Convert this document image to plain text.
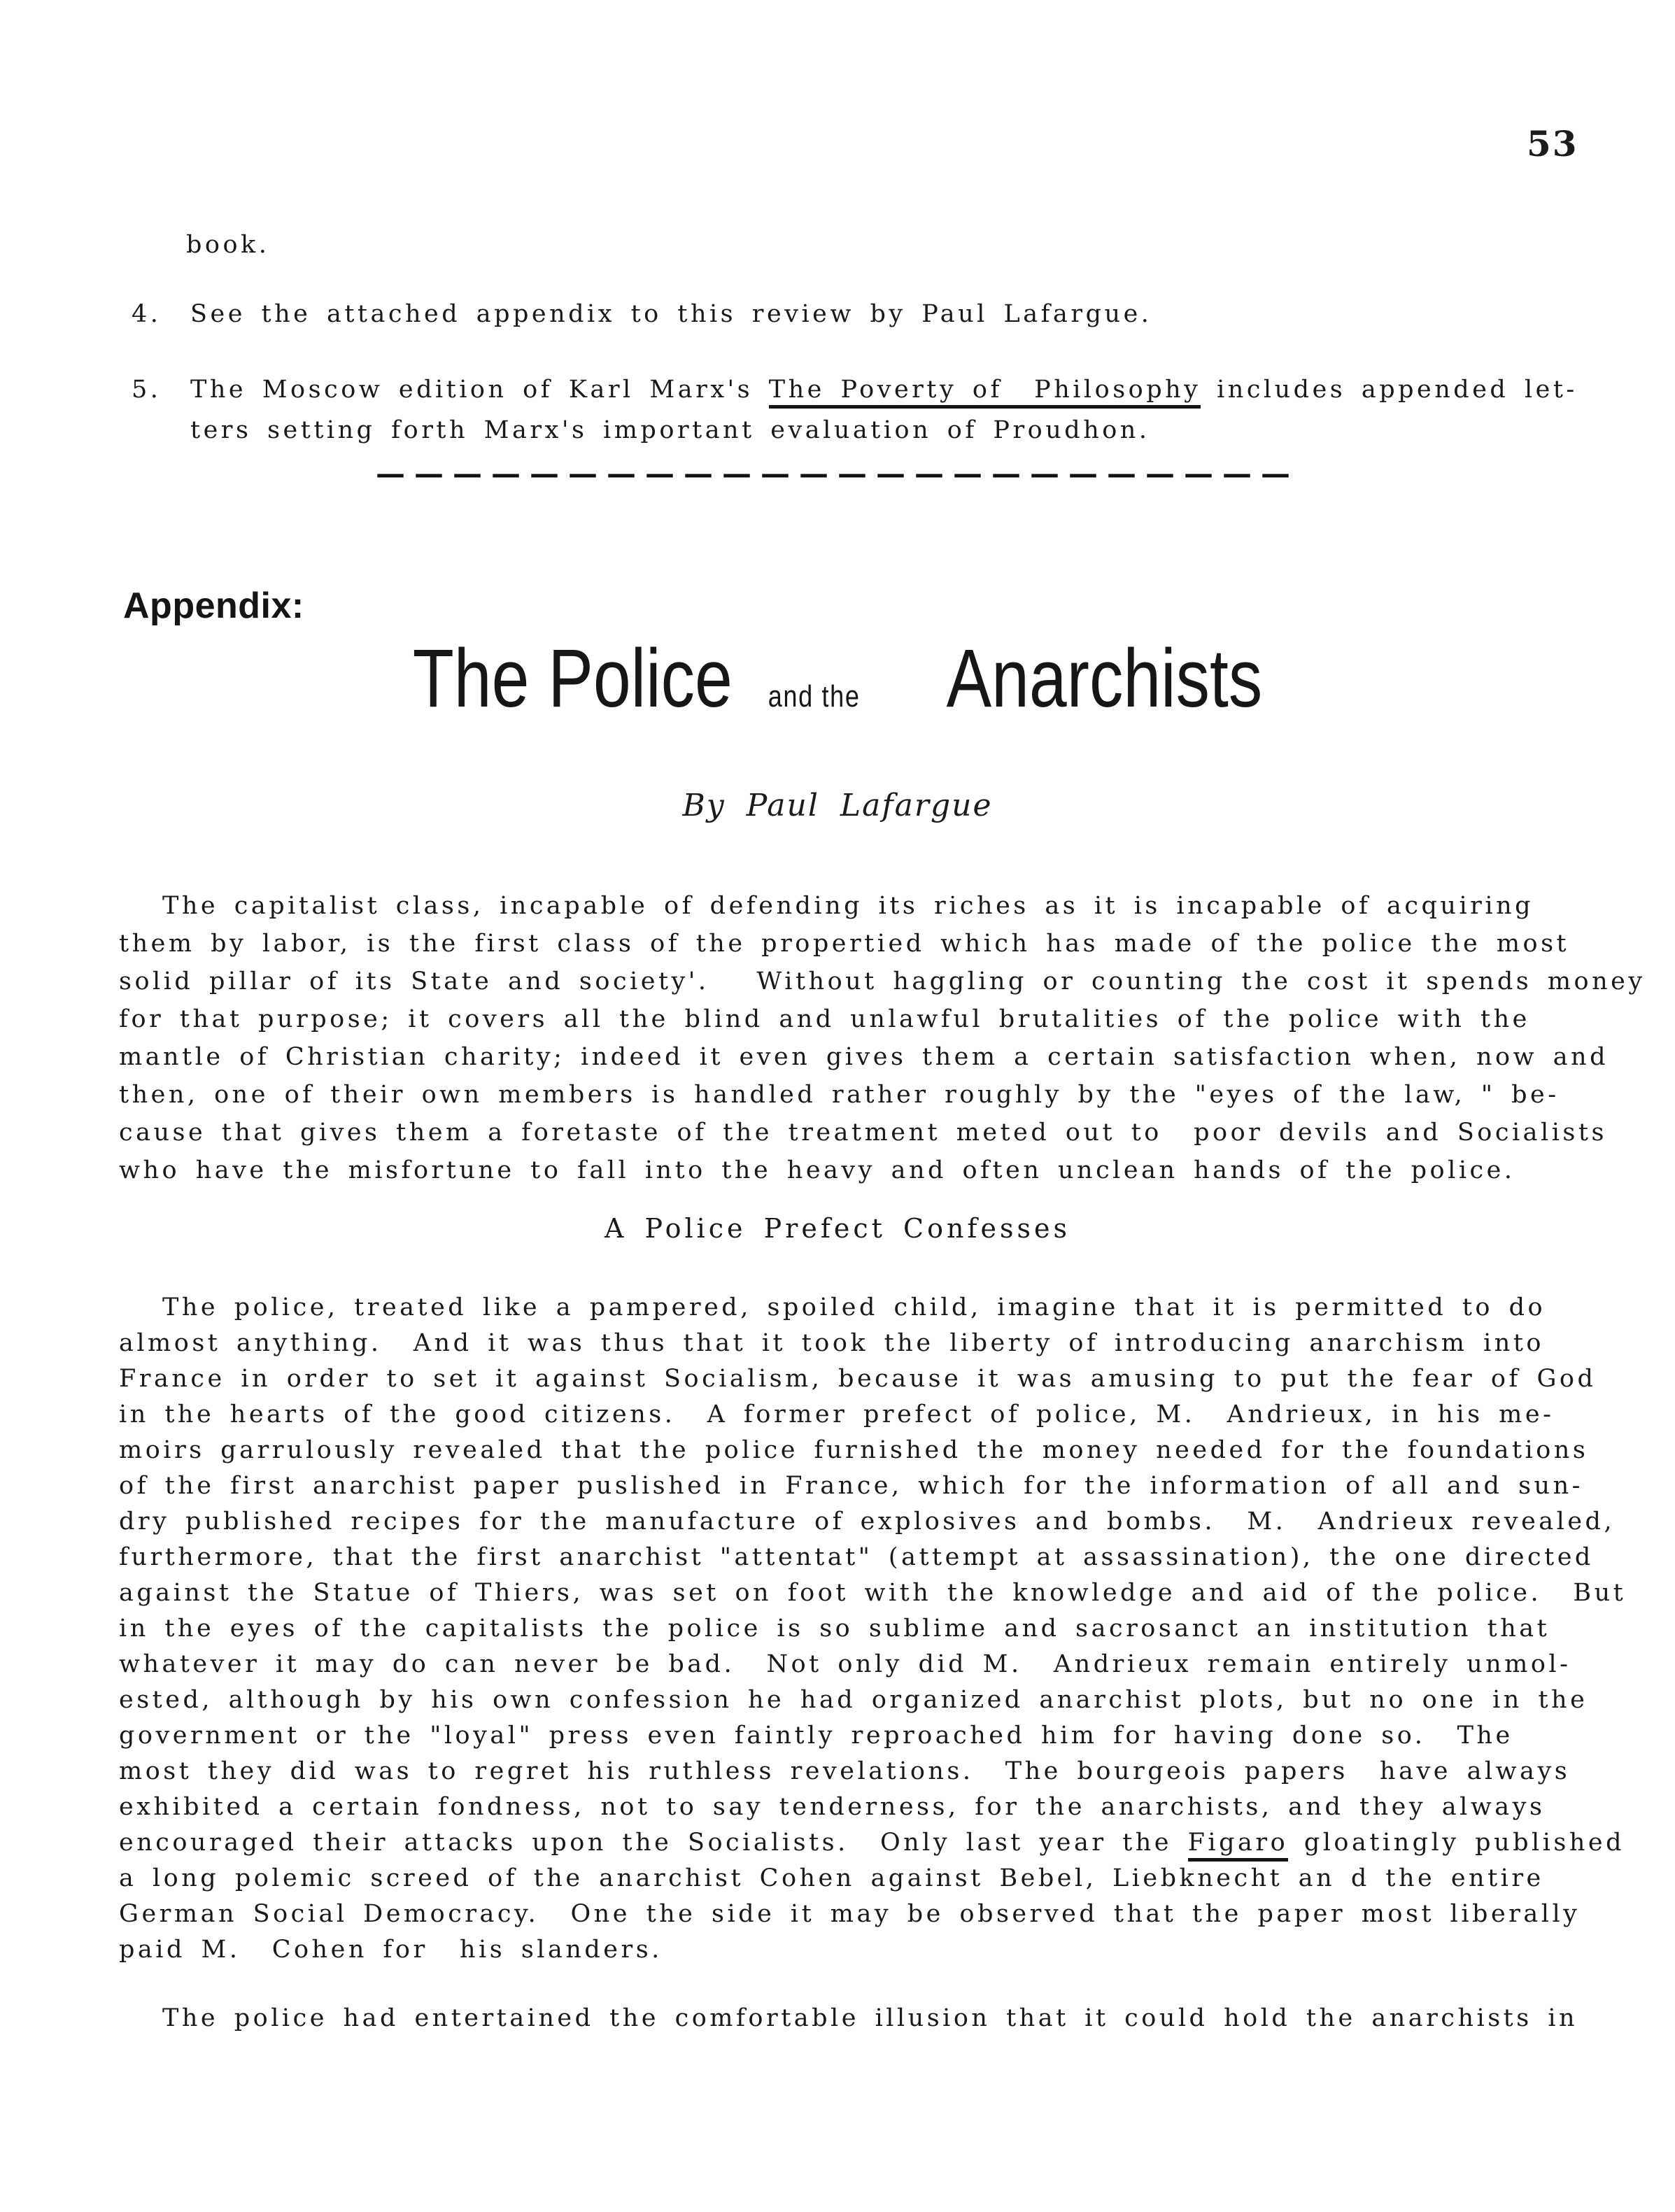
53
book.
4.	See the attached appendix to this review by Paul Lafargue.
5.	The Moscow edition of Karl Marx's The Poverty of  Philosophy includes appended let-
ters setting forth Marx's important evaluation of Proudhon.
————————————————————————
Appendix:
The Police and the Anarchists
By Paul Lafargue
The capitalist class, incapable of defending its riches as it is incapable of acquiring
them by labor, is the first class of the propertied which has made of the police the most
solid pillar of its State and society'.   Without haggling or counting the cost it spends money
for that purpose; it covers all the blind and unlawful brutalities of the police with the
mantle of Christian charity; indeed it even gives them a certain satisfaction when, now and
then, one of their own members is handled rather roughly by the "eyes of the law, " be-
cause that gives them a foretaste of the treatment meted out to  poor devils and Socialists
who have the misfortune to fall into the heavy and often unclean hands of the police.
A Police Prefect Confesses
The police, treated like a pampered, spoiled child, imagine that it is permitted to do
almost anything.  And it was thus that it took the liberty of introducing anarchism into
France in order to set it against Socialism, because it was amusing to put the fear of God
in the hearts of the good citizens.  A former prefect of police, M.  Andrieux, in his me-
moirs garrulously revealed that the police furnished the money needed for the foundations
of the first anarchist paper puslished in France, which for the information of all and sun-
dry published recipes for the manufacture of explosives and bombs.  M.  Andrieux revealed,
furthermore, that the first anarchist "attentat" (attempt at assassination), the one directed
against the Statue of Thiers, was set on foot with the knowledge and aid of the police.  But
in the eyes of the capitalists the police is so sublime and sacrosanct an institution that
whatever it may do can never be bad.  Not only did M.  Andrieux remain entirely unmol-
ested, although by his own confession he had organized anarchist plots, but no one in the
government or the "loyal" press even faintly reproached him for having done so.  The
most they did was to regret his ruthless revelations.  The bourgeois papers  have always
exhibited a certain fondness, not to say tenderness, for the anarchists, and they always
encouraged their attacks upon the Socialists.  Only last year the Figaro gloatingly published
a long polemic screed of the anarchist Cohen against Bebel, Liebknecht an d the entire
German Social Democracy.  One the side it may be observed that the paper most liberally
paid M.  Cohen for  his slanders.
The police had entertained the comfortable illusion that it could hold the anarchists in
